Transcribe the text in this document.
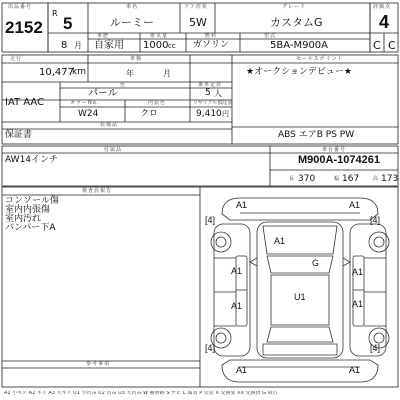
出品番号
2152
R
5
車名
ルーミー
ドア形状
5W
グレード
カスタムG
評価点
4
8 月
車歴
自家用
排気量
1000 cc
燃料
ガソリン
型式
5BA-M900A	C C
走行	車検	セールスポイント
10,477
km	年	月	★オークションデビュー★
色	乗車定員
パール	5 人
IAT AAC	カラーNo.	内装色	リサイクル預託金
W24	クロ	9,410 円
装備品
保証書	ABS エアB PS PW
付属品
AW14インチ
車台番号
M900A-1074261
長 370	幅 167	高 173
検査員報告
コンソール傷
室内内張傷
室内汚れ
バンパー下A
参考事項
A1	A1
[4]	[4]
A1
G
A1	A1
U1
A1	A1
[4]	[4]
A1	A1
A1 小キズ A2 キズ A3 大キズ U1 小凹み U2 凹み U3 大凹み W 補修跡 S サビ C 腐食 P 塗装 X 交換要 XX 交換済 G 飛石
